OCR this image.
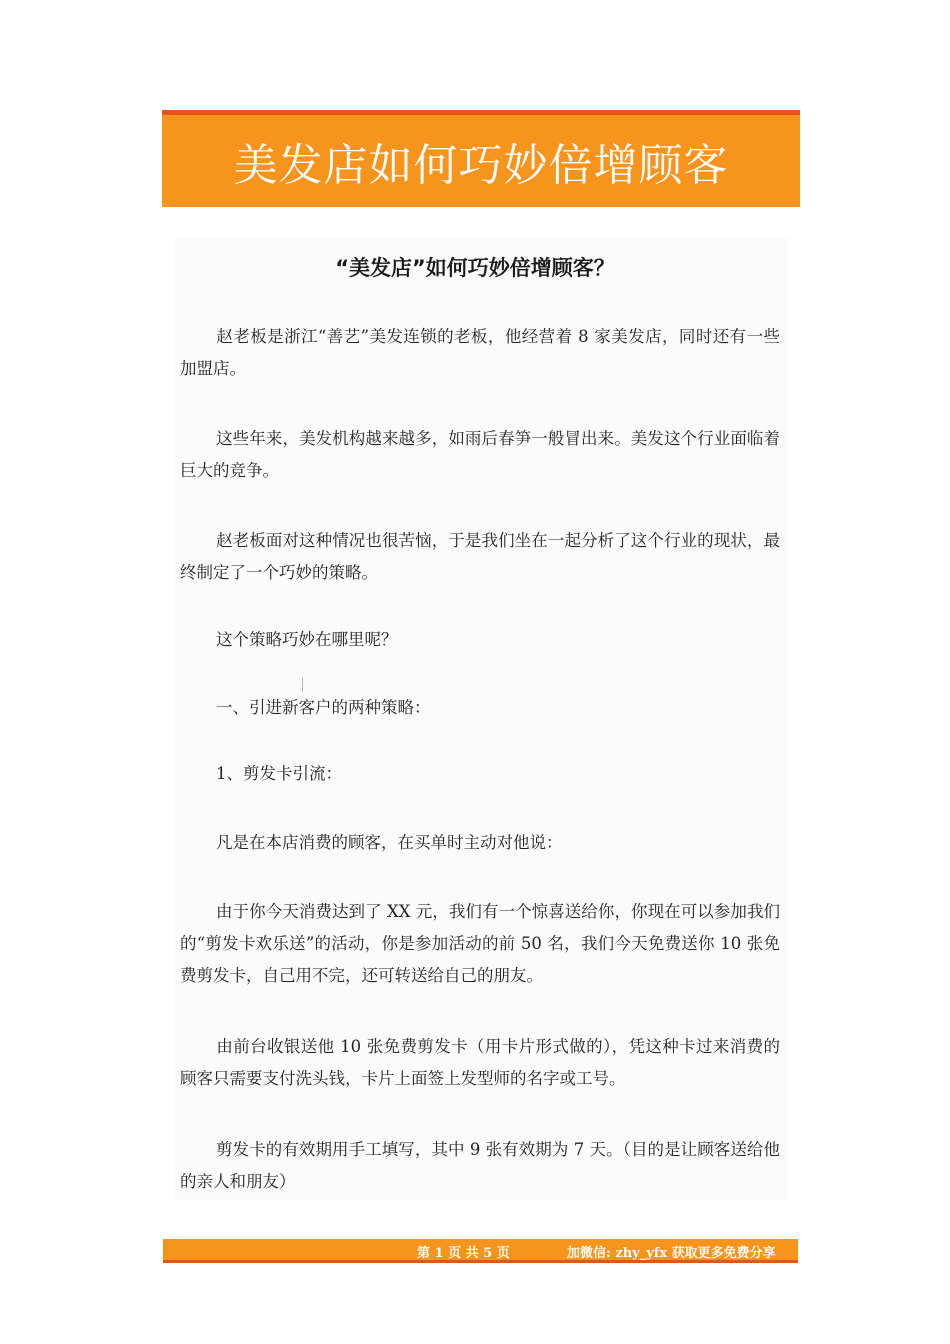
美发店如何巧妙倍增顾客
“美发店”如何巧妙倍增顾客？
赵老板是浙江“善艺”美发连锁的老板，他经营着 8 家美发店，同时还有一些加盟店。
这些年来，美发机构越来越多，如雨后春笋一般冒出来。美发这个行业面临着巨大的竞争。
赵老板面对这种情况也很苦恼，于是我们坐在一起分析了这个行业的现状，最终制定了一个巧妙的策略。
这个策略巧妙在哪里呢？
一、引进新客户的两种策略：
1、剪发卡引流：
凡是在本店消费的顾客，在买单时主动对他说：
由于你今天消费达到了 XX 元，我们有一个惊喜送给你，你现在可以参加我们的“剪发卡欢乐送”的活动，你是参加活动的前 50 名，我们今天免费送你 10 张免费剪发卡，自己用不完，还可转送给自己的朋友。
由前台收银送他 10 张免费剪发卡（用卡片形式做的），凭这种卡过来消费的顾客只需要支付洗头钱，卡片上面签上发型师的名字或工号。
剪发卡的有效期用手工填写，其中 9 张有效期为 7 天。（目的是让顾客送给他的亲人和朋友）
第 1 页 共 5 页	加微信: zhy_yfx 获取更多免费分享
